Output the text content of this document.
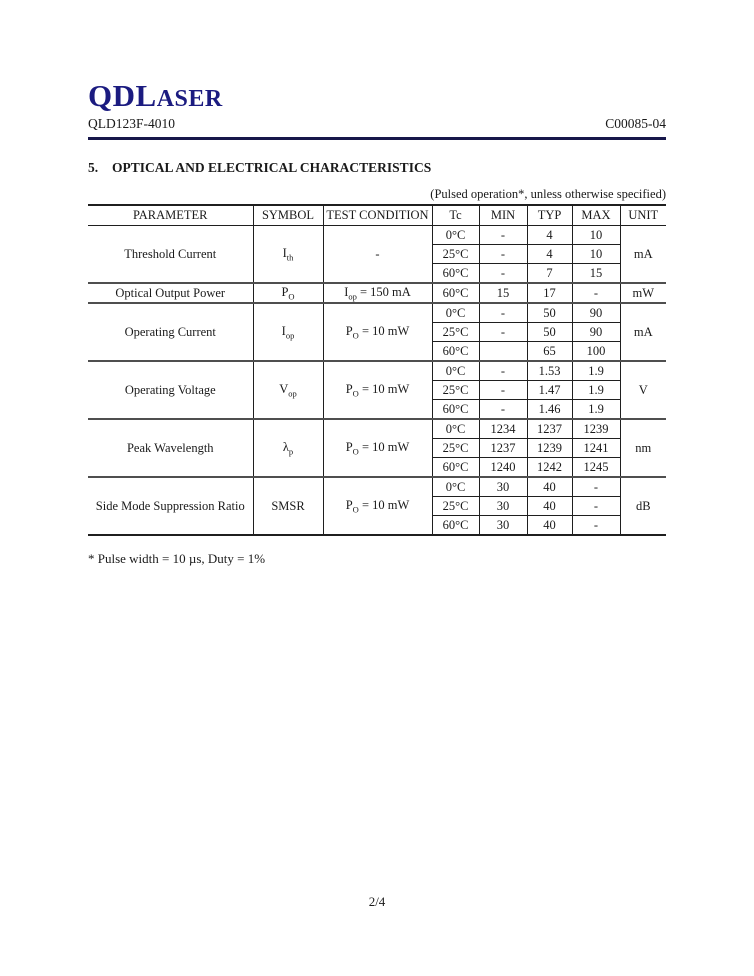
QDLASER
QLD123F-4010	C00085-04
5. OPTICAL AND ELECTRICAL CHARACTERISTICS
(Pulsed operation*, unless otherwise specified)
PARAMETER	SYMBOL	TEST CONDITION	Tc	MIN	TYP	MAX	UNIT
Threshold Current	$I_{th}$	-	0°C	-	4	10	mA
			25°C	-	4	10	
			60°C	-	7	15	
Optical Output Power	$P_O$	$I_{op} = 150$ mA	60°C	15	17	-	mW
Operating Current	$I_{op}$	$P_O = 10$ mW	0°C	-	50	90	mA
			25°C	-	50	90	
			60°C		65	100	
Operating Voltage	$V_{op}$	$P_O = 10$ mW	0°C	-	1.53	1.9	V
			25°C	-	1.47	1.9	
			60°C	-	1.46	1.9	
Peak Wavelength	$\lambda_p$	$P_O = 10$ mW	0°C	1234	1237	1239	nm
			25°C	1237	1239	1241	
			60°C	1240	1242	1245	
Side Mode Suppression Ratio	SMSR	$P_O = 10$ mW	0°C	30	40	-	dB
			25°C	30	40	-	
			60°C	30	40	-	
* Pulse width = 10 µs, Duty = 1%
2/4
